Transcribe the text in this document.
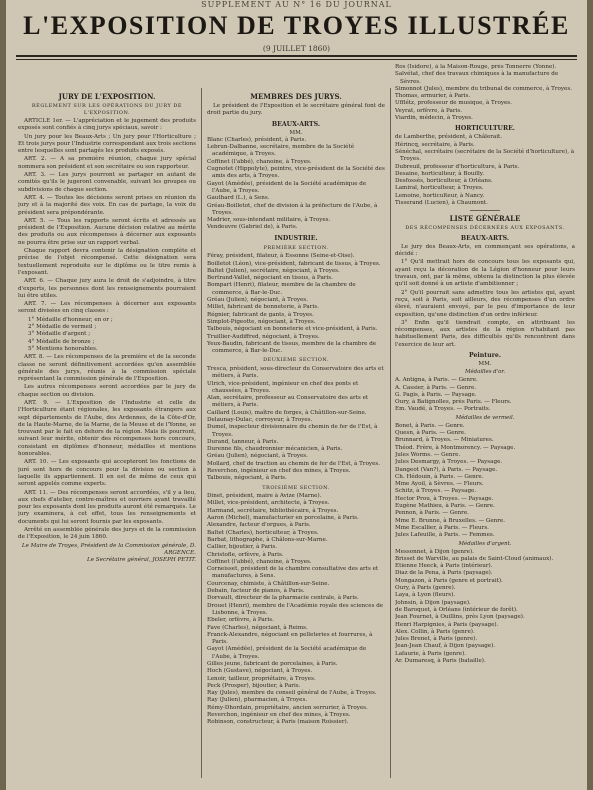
SUPPLEMENT AU N° 16 DU JOURNAL
L'EXPOSITION DE TROYES ILLUSTRÉE
(9 JUILLET 1860)
JURY DE L'EXPOSITION.
RÈGLEMENT SUR LES OPÉRATIONS DU JURY DE L'EXPOSITION.

ARTICLE 1er. — L'appréciation et le jugement des produits exposés sont confiés à cinq jurys spéciaux, savoir :

Un jury pour les Beaux-Arts ; Un jury pour l'Horticulture ; Et trois jurys pour l'Industrie correspondant aux trois sections entre lesquelles sont partagés les produits exposés.

ART. 2. — A sa première réunion, chaque jury spécial nommera son président et son secrétaire ou son rapporteur.

ART. 3. — Les jurys pourront se partager en autant de comités qu'ils le jugeront convenable, suivant les groupes ou subdivisions de chaque section.

ART. 4. — Toutes les décisions seront prises en réunion du jury et à la majorité des voix. En cas de partage, la voix du président sera prépondérante.

ART. 5. — Tous les rapports seront écrits et adressés au président de l'Exposition. Aucune décision relative au mérite des produits ou aux récompenses à décerner aux exposants ne pourra être prise sur un rapport verbal.

Chaque rapport devra contenir la désignation complète et précise de l'objet récompensé. Cette désignation sera textuellement reproduite sur le diplôme ou le titre remis à l'exposant.

ART. 6. — Chaque jury aura le droit de s'adjoindre, à titre d'experts, les personnes dont les renseignements pourraient lui être utiles.

ART. 7. — Les récompenses à décerner aux exposants seront divisées en cinq classes :

1° Médaille d'honneur, en or ;

2° Médaille de vermeil ;

3° Médaille d'argent ;

4° Médaille de bronze ;

5° Mentions honorables.

ART. 8. — Les récompenses de la première et de la seconde classe ne seront définitivement accordées qu'en assemblée générale des jurys, réunis à la commission spéciale représentant la commission générale de l'Exposition.

Les autres récompenses seront accordées par le jury de chaque section ou division.

ART. 9. — L'Exposition de l'Industrie et celle de l'Horticulture étant régionales, les exposants étrangers aux sept départements de l'Aube, des Ardennes, de la Côte-d'Or, de la Haute-Marne, de la Marne, de la Meuse et de l'Yonne, se trouvant par le fait en dehors de la région. Mais ils pourront, suivant leur mérite, obtenir des récompenses hors concours, consistant en diplômes d'honneur, médailles et mentions honorables.

ART. 10. — Les exposants qui accepteront les fonctions de juré sont hors de concours pour la division ou section à laquelle ils appartiennent. Il en est de même de ceux qui seront appelés comme experts.

ART. 11. — Des récompenses seront accordées, s'il y a lieu, aux chefs d'atelier, contre-maîtres et ouvriers ayant travaillé pour les exposants dont les produits auront été remarqués. Le jury examinera, à cet effet, tous les renseignements et documents qui lui seront fournis par les exposants.

Arrêté en assemblée générale des jurys et de la commission de l'Exposition, le 24 juin 1860.

Le Maire de Troyes, Président de la Commission générale, D. ARGENCE.

Le Secrétaire général, JOSEPH PETIT.

MEMBRES DES JURYS.

Le président de l'Exposition et le secrétaire général font de droit partie du jury.

BEAUX-ARTS.

MM.

Blanc (Charles), président, à Paris.

Lebrun-Dalbanne, secrétaire, membre de la Société académique, à Troyes.

Coffinet (l'abbé), chanoine, à Troyes.

Cugnotet (Hippolyte), peintre, vice-président de la Société des amis des arts, à Troyes.

Gayot (Amédée), président de la Société académique de l'Aube, à Troyes.

Gauthard (L.), à Sens.

Gréau-Boilletot, chef de division à la préfecture de l'Aube, à Troyes.

Madrier, sous-intendant militaire, à Troyes.

Vendeuvre (Gabriel de), à Paris.

INDUSTRIE.
PREMIÈRE SECTION.

Féray, président, filateur, à Essonne (Seine-et-Oise).

Boilletot (Léon), vice-président, fabricant de tissus, à Troyes.

Baltet (Julien), secrétaire, négociant, à Troyes.

Bertrand-Vallet, négociant en tissus, à Paris.

Bompart (Henri), filateur, membre de la chambre de commerce, à Bar-le-Duc.

Gréau (Julien), négociant, à Troyes.

Millet, fabricant de bonneterie, à Paris.

Régnier, fabricant de gants, à Troyes.

Simplot-Pigeotte, négociant, à Troyes.

Talbouis, négociant en bonneterie et vice-président, à Paris.

Truillier-Audiffred, négociant, à Troyes.

Yeux-Baudin, fabricant de tissus, membre de la chambre de commerce, à Bar-le-Duc.

DEUXIÈME SECTION.

Tresca, président, sous-directeur du Conservatoire des arts et métiers, à Paris.

Ulrich, vice-président, ingénieur en chef des ponts et chaussées, à Troyes.

Alan, secrétaire, professeur au Conservatoire des arts et métiers, à Paris.

Caillard (Louis), maître de forges, à Châtillon-sur-Seine.

Delaunay-Dulac, corroyeur, à Troyes.

Dumel, inspecteur divisionnaire du chemin de fer de l'Est, à Troyes.

Durand, tanneur, à Paris.

Durenne fils, chaudronnier mécanicien, à Paris.

Gréau (Julien), négociant, à Troyes.

Mollard, chef de traction au chemin de fer de l'Est, à Troyes.

Reverchon, ingénieur en chef des mines, à Troyes.

Talbouis, négociant, à Paris.

TROISIÈME SECTION.

Dinet, président, maire à Avize (Marne).

Millet, vice-président, architecte, à Troyes.

Harmand, secrétaire, bibliothécaire, à Troyes.

Aaron (Michel), manufacturier en porcelaine, à Paris.

Alexandre, facteur d'orgues, à Paris.

Baltet (Charles), horticulteur, à Troyes.

Barbat, lithographe, à Châlons-sur-Marne.

Callier, bijoutier, à Paris.

Christofle, orfèvre, à Paris.

Coffinet (l'abbé), chanoine, à Troyes.

Corneisset, président de la chambre consultative des arts et manufactures, à Sens.

Courcenay, chimiste, à Châtillon-sur-Seine.

Debain, facteur de pianos, à Paris.

Dorvault, directeur de la pharmacie centrale, à Paris.

Drouet (Henri), membre de l'Académie royale des sciences de Lisbonne, à Troyes.

Ebeler, orfèvre, à Paris.

Fave (Charles), négociant, à Reims.

Franck-Alexandre, négociant en pelleteries et fourrures, à Paris.

Gayot (Amédée), président de la Société académique de l'Aube, à Troyes.

Gilles jeune, fabricant de porcelaines, à Paris.

Hoch (Gustave), négociant, à Troyes.

Lenoir, tailleur, propriétaire, à Troyes.

Peck (Prosper), bijoutier, à Paris.

Ray (Jules), membre du conseil général de l'Aube, à Troyes.

Ray (Julien), pharmacien, à Troyes.

Rémy-Dhordain, propriétaire, ancien serrurier, à Troyes.

Reverchon, ingénieur en chef des mines, à Troyes.

Robinson, constructeur, à Paris (maison Roissier).

Ros (Isidore), à la Maison-Rouge, près Tonnerre (Yonne).

Salvétat, chef des travaux chimiques à la manufacture de Sèvres.

Simonnot (Jules), membre du tribunal de commerce, à Troyes.

Thomas, armurier, à Paris.

Ufflétz, professeur de musique, à Troyes.

Veyrat, orfèvre, à Paris.

Viardin, médecin, à Troyes.

HORTICULTURE.

de Lamberthe, président, à Châlerait.

Hérincq, secrétaire, à Paris.

Sénéchal, secrétaire (secrétaire de la Société d'horticulture), à Troyes.

Dubreuil, professeur d'horticulture, à Paris.

Desaine, horticulteur, à Bouilly.

Desfossés, horticulteur, à Orléans.

Lamiral, horticulteur, à Troyes.

Lemoine, horticulteur, à Nancy.

Tisserand (Lucien), à Chaumont.

LISTE GÉNÉRALE
DES RÉCOMPENSES DÉCERNÉES AUX EXPOSANTS.
BEAUX-ARTS.

Le jury des Beaux-Arts, en commençant ses opérations, a décidé :

1° Qu'il mettrait hors de concours tous les exposants qui, ayant reçu la décoration de la Légion d'honneur pour leurs travaux, ont, par là même, obtenu la distinction la plus élevée qu'il soit donné à un artiste d'ambitionner ;

2° Qu'il pourrait sans admettre tous les artistes qui, ayant reçu, soit à Paris, soit ailleurs, des récompenses d'un ordre élevé, n'auraient envoyé, par le peu d'importance de leur exposition, qu'une distinction d'un ordre inférieur.

3° Enfin qu'il tiendrait compte, en attribuant les récompenses, aux artistes de la région n'habitant pas habituellement Paris, des difficultés qu'ils rencontrent dans l'exercice de leur art.

Peinture.

MM.

Médailles d'or.

A. Antigna, à Paris. — Genre.

A. Cassier, à Paris. — Genre.

G. Pagis, à Paris. — Paysage.

Oury, à Batignolles, près Paris. — Fleurs.

Em. Vaudé, à Troyes. — Portraits.

Médailles de vermeil.

Bonet, à Paris. — Genre.

Quesn, à Paris. — Genre.

Brunnard, à Troyes. — Miniatures.

Théod. Frère, à Montmorency. — Paysage.

Jules Worms. — Genre.

Jules Desmargy, à Troyes. — Paysage.

Dangeot (Van?), à Paris. — Paysage.

Ch. Hédouin, à Paris. — Genre.

Mme Ayoil, à Sèvres. — Fleurs.

Schitz, à Troyes. — Paysage.

Hector Prou, à Troyes. — Paysage.

Eugène Mathieu, à Paris. — Genre.

Pennon, à Paris. — Genre.

Mme E. Brunne, à Bruxelles. — Genre.

Mme Escallier, à Paris. — Fleurs.

Jules Lafeuille, à Paris. — Femmes.

Médailles d'argent.

Messonnet, à Dijon (genre).

Brisset de Warville, au palais de Saint-Cloud (animaux).

Etienne Heeck, à Paris (intérieur).

Diaz de la Pena, à Paris (paysage).

Mongazon, à Paris (genre et portrait).

Oury, à Paris (genre).

Laya, à Lyon (fleurs).

Johnsin, à Dijon (paysage).

de Baroquet, à Orléans (intérieur de forêt).

Jean Fournet, à Ouillins, près Lyon (paysage).

Henri Harpignies, à Paris (paysage).

Alex. Collin, à Paris (genre).

Jules Brenet, à Paris (genre).

Jean-Jean Chauf, à Dijon (paysage).

Lafaurie, à Paris (genre).

Ar. Dumaresq, à Paris (bataille).
